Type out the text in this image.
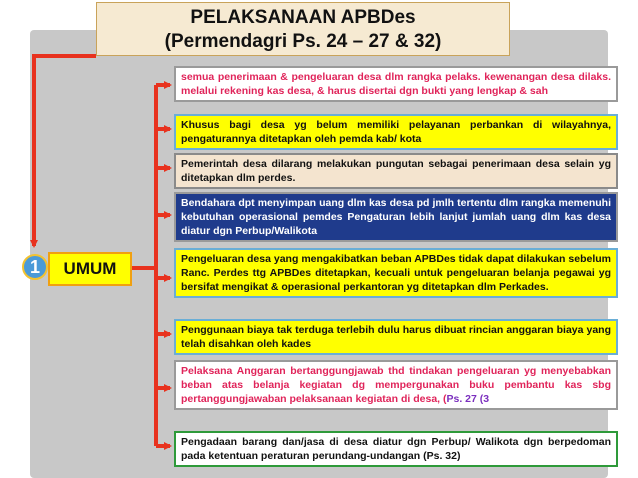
PELAKSANAAN APBDes
(Permendagri Ps. 24 – 27 & 32)
1	UMUM
semua penerimaan & pengeluaran desa dlm rangka pelaks. kewenangan desa dilaks. melalui rekening kas desa, & harus disertai dgn bukti yang lengkap & sah
Khusus bagi desa yg belum memiliki pelayanan perbankan di wilayahnya, pengaturannya ditetapkan oleh pemda kab/ kota
Pemerintah desa dilarang melakukan pungutan sebagai penerimaan desa selain yg ditetapkan dlm perdes.
Bendahara dpt menyimpan uang dlm kas desa pd jmlh tertentu dlm rangka memenuhi kebutuhan operasional pemdes Pengaturan lebih lanjut jumlah uang dlm kas desa diatur dgn Perbup/Walikota
Pengeluaran desa yang mengakibatkan beban APBDes tidak dapat dilakukan sebelum Ranc. Perdes ttg APBDes ditetapkan, kecuali untuk pengeluaran belanja pegawai yg bersifat mengikat & operasional perkantoran yg ditetapkan dlm Perkades.
Penggunaan biaya tak terduga terlebih dulu harus dibuat rincian anggaran biaya yang telah disahkan oleh kades
Pelaksana Anggaran bertanggungjawab thd tindakan pengeluaran yg menyebabkan beban atas belanja kegiatan dg mempergunakan buku pembantu kas sbg pertanggungjawaban pelaksanaan kegiatan di desa, (Ps. 27 (3
Pengadaan barang dan/jasa di desa diatur dgn Perbup/ Walikota dgn berpedoman pada ketentuan peraturan perundang-undangan (Ps. 32)
